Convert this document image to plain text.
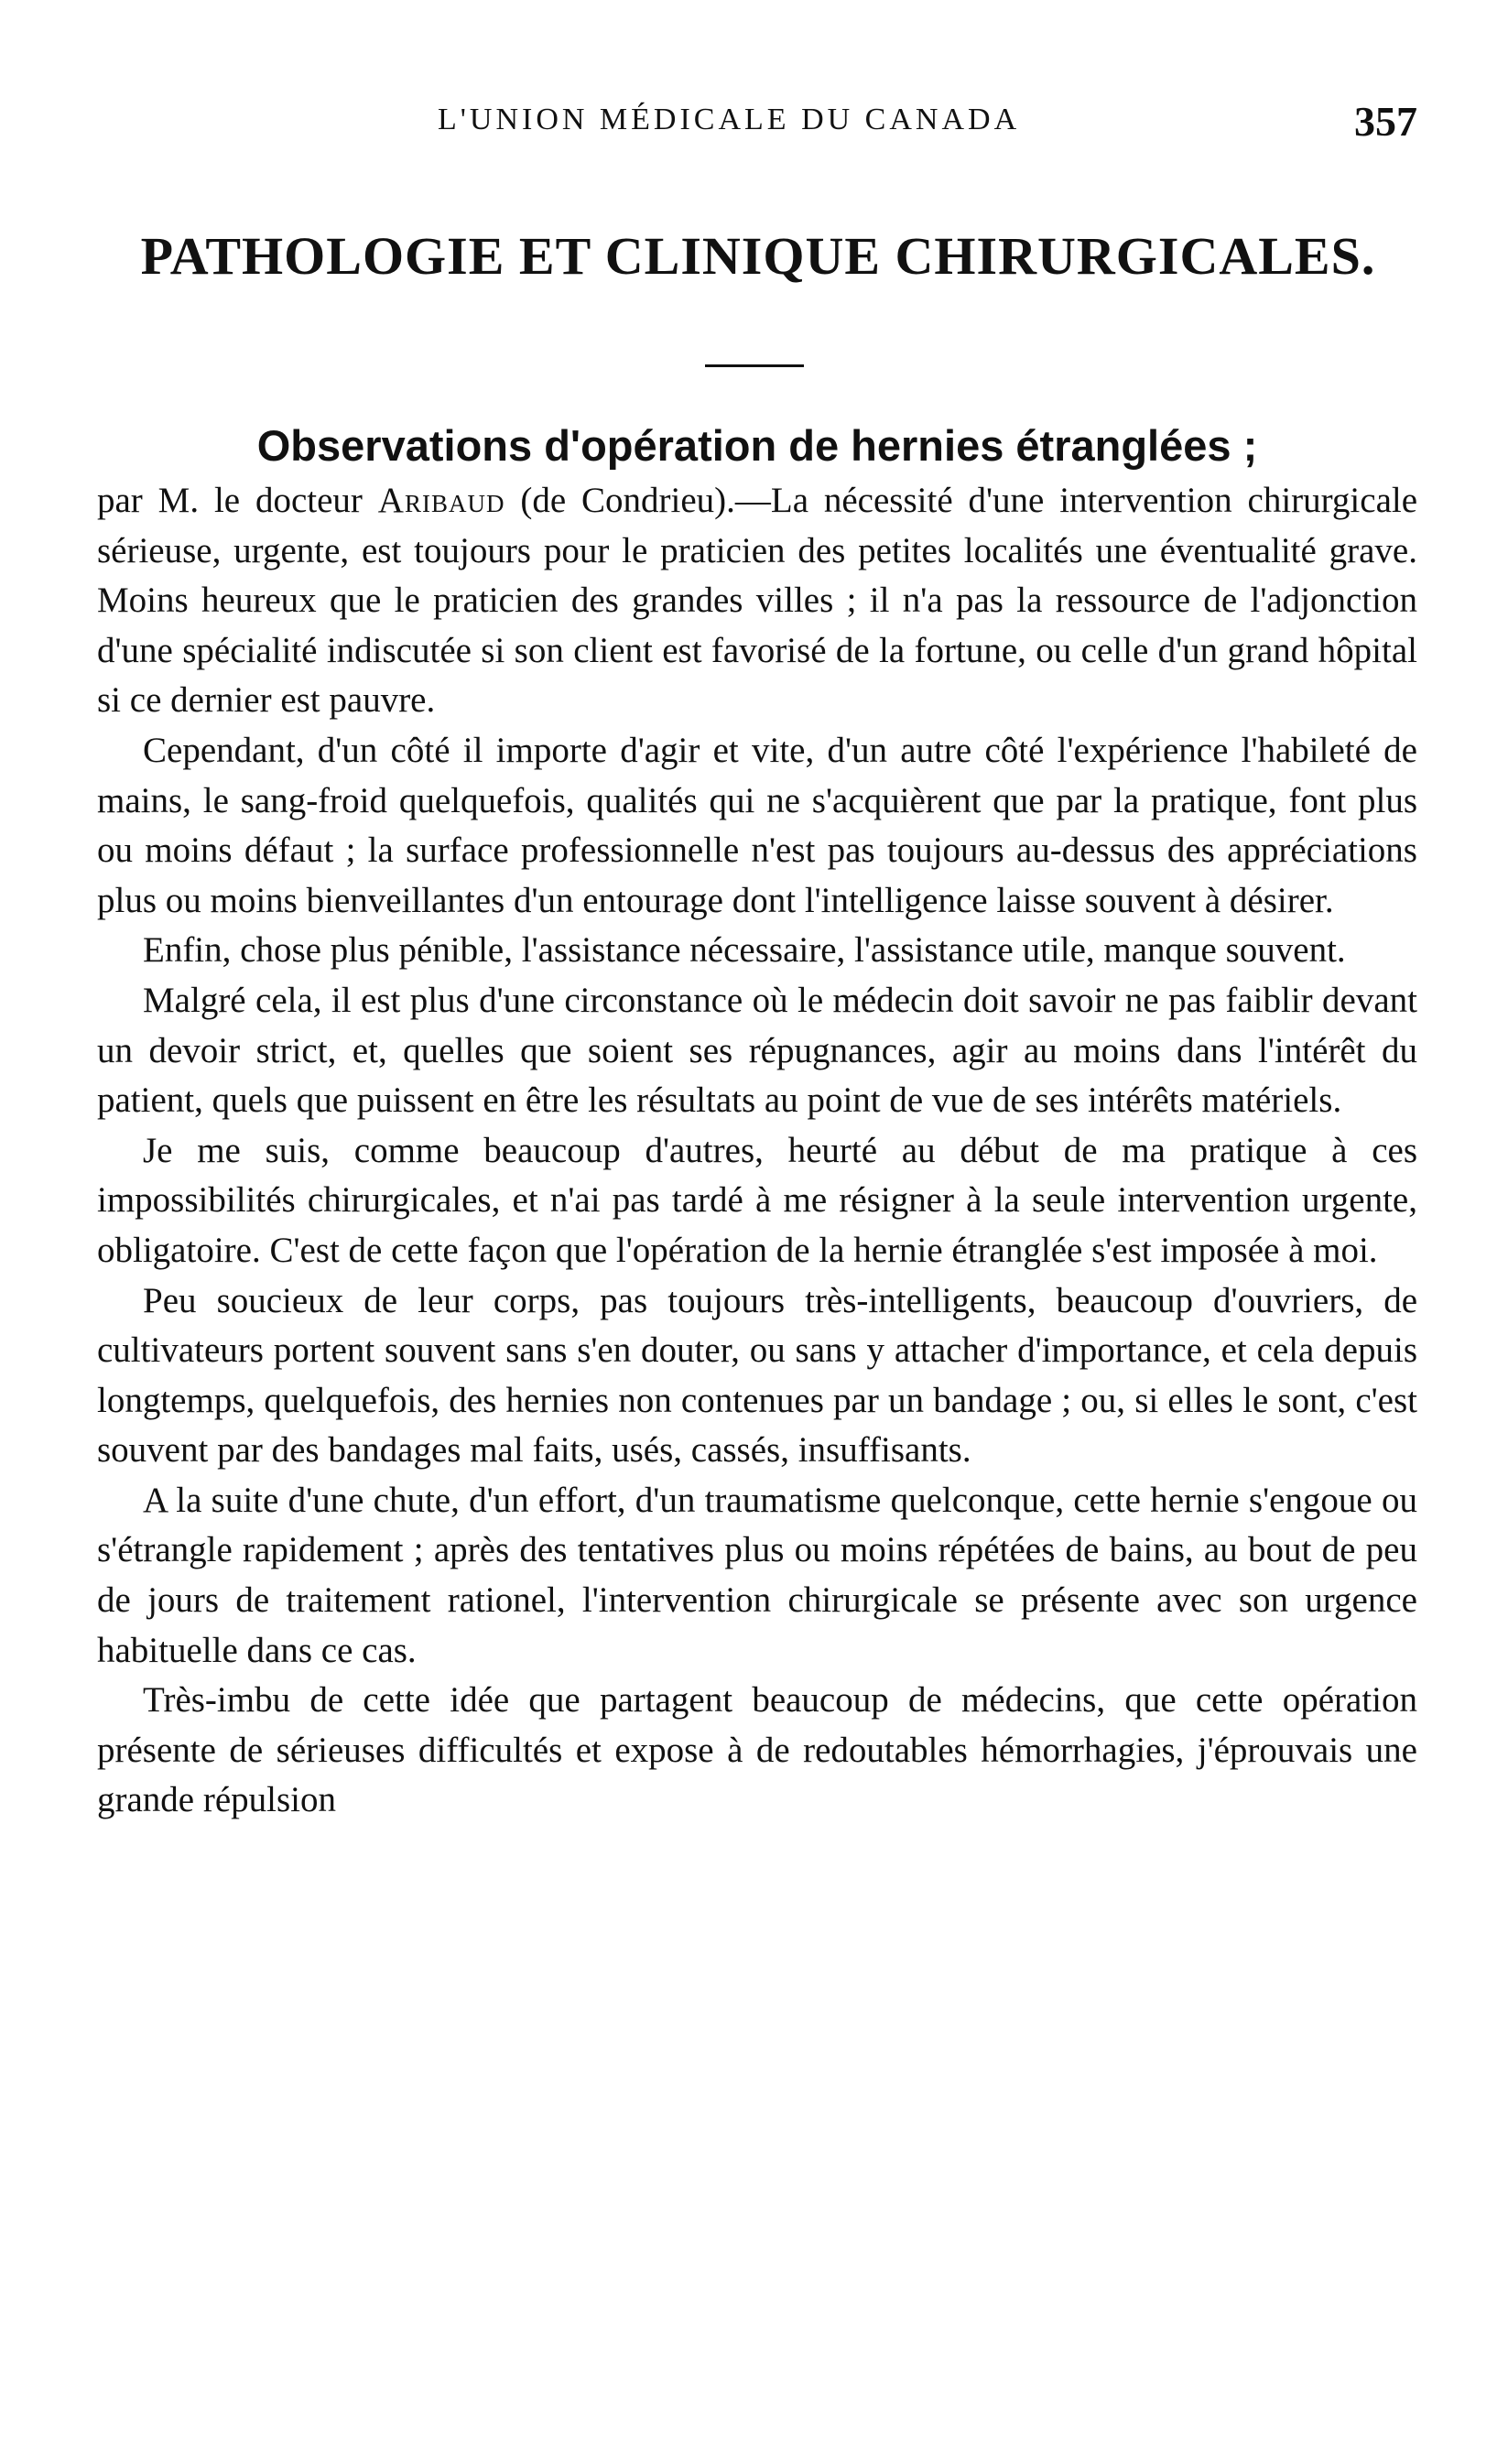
L'UNION MÉDICALE DU CANADA	357
PATHOLOGIE ET CLINIQUE CHIRURGICALES.
Observations d'opération de hernies étranglées ;

par M. le docteur Aribaud (de Condrieu).—La nécessité d'une intervention chirurgicale sérieuse, urgente, est toujours pour le praticien des petites localités une éventualité grave. Moins heureux que le praticien des grandes villes ; il n'a pas la ressource de l'adjonction d'une spécialité indiscutée si son client est favorisé de la fortune, ou celle d'un grand hôpital si ce dernier est pauvre.

Cependant, d'un côté il importe d'agir et vite, d'un autre côté l'expérience l'habileté de mains, le sang-froid quelquefois, qualités qui ne s'acquièrent que par la pratique, font plus ou moins défaut ; la surface professionnelle n'est pas toujours au-dessus des appréciations plus ou moins bienveillantes d'un entourage dont l'intelligence laisse souvent à désirer.

Enfin, chose plus pénible, l'assistance nécessaire, l'assistance utile, manque souvent.

Malgré cela, il est plus d'une circonstance où le médecin doit savoir ne pas faiblir devant un devoir strict, et, quelles que soient ses répugnances, agir au moins dans l'intérêt du patient, quels que puissent en être les résultats au point de vue de ses intérêts matériels.

Je me suis, comme beaucoup d'autres, heurté au début de ma pratique à ces impossibilités chirurgicales, et n'ai pas tardé à me résigner à la seule intervention urgente, obligatoire. C'est de cette façon que l'opération de la hernie étranglée s'est imposée à moi.

Peu soucieux de leur corps, pas toujours très-intelligents, beaucoup d'ouvriers, de cultivateurs portent souvent sans s'en douter, ou sans y attacher d'importance, et cela depuis longtemps, quelquefois, des hernies non contenues par un bandage ; ou, si elles le sont, c'est souvent par des bandages mal faits, usés, cassés, insuffisants.

A la suite d'une chute, d'un effort, d'un traumatisme quelconque, cette hernie s'engoue ou s'étrangle rapidement ; après des tentatives plus ou moins répétées de bains, au bout de peu de jours de traitement rationel, l'intervention chirurgicale se présente avec son urgence habituelle dans ce cas.

Très-imbu de cette idée que partagent beaucoup de médecins, que cette opération présente de sérieuses difficultés et expose à de redoutables hémorrhagies, j'éprouvais une grande répulsion
